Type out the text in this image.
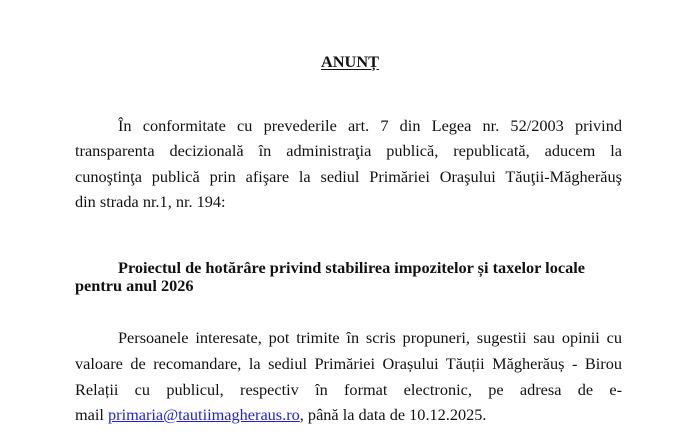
ANUNȚ
În conformitate cu prevederile art. 7 din Legea nr. 52/2003 privind
transparenta decizională în administraţia publică, republicată, aducem la
cunoştinţa publică prin afişare la sediul Primăriei Oraşului Tăuţii-Măgherăuş
din strada nr.1, nr. 194:
Proiectul de hotărâre privind stabilirea impozitelor și taxelor locale
pentru anul 2026
Persoanele interesate, pot trimite în scris propuneri, sugestii sau opinii cu
valoare de recomandare, la sediul Primăriei Orașului Tăuții Măgherăuș - Birou
Relații cu publicul, respectiv în format electronic, pe adresa de e-
mail primaria@tautiimagheraus.ro, până la data de 10.12.2025.
